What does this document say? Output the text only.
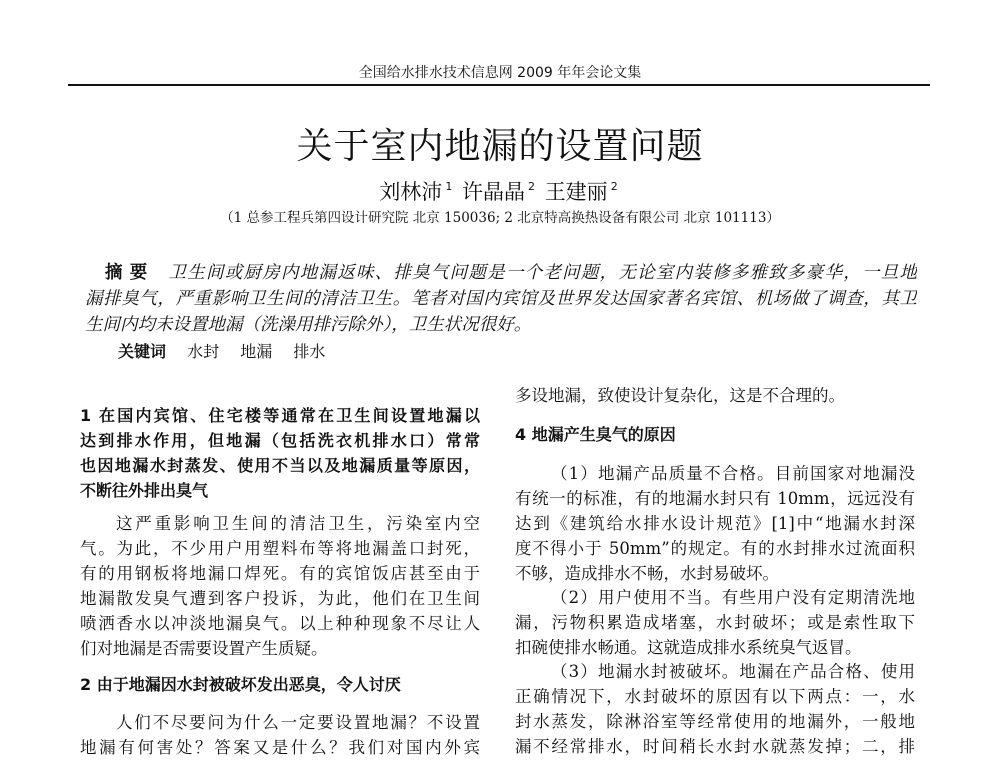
全国给水排水技术信息网 2009 年年会论文集
关于室内地漏的设置问题
刘林沛 $^1$ 许晶晶 $^2$ 王建丽 $^2$
（1 总参工程兵第四设计研究院 北京 150036; 2 北京特高换热设备有限公司 北京 101113）
摘要 卫生间或厨房内地漏返味、排臭气问题是一个老问题，无论室内装修多雅致多豪华，一旦地
漏排臭气，严重影响卫生间的清洁卫生。笔者对国内宾馆及世界发达国家著名宾馆、机场做了调查，其卫
生间内均未设置地漏（洗澡用排污除外），卫生状况很好。
关键词 水封 地漏 排水
1 在国内宾馆、住宅楼等通常在卫生间设置地漏以
达到排水作用，但地漏（包括洗衣机排水口）常常
也因地漏水封蒸发、使用不当以及地漏质量等原因，
不断往外排出臭气
这严重影响卫生间的清洁卫生，污染室内空
气。为此，不少用户用塑料布等将地漏盖口封死，
有的用钢板将地漏口焊死。有的宾馆饭店甚至由于
地漏散发臭气遭到客户投诉，为此，他们在卫生间
喷洒香水以冲淡地漏臭气。以上种种现象不尽让人
们对地漏是否需要设置产生质疑。
2 由于地漏因水封被破坏发出恶臭，令人讨厌
人们不尽要问为什么一定要设置地漏？不设置
地漏有何害处？答案又是什么？我们对国内外宾
多设地漏，致使设计复杂化，这是不合理的。
4 地漏产生臭气的原因
（1）地漏产品质量不合格。目前国家对地漏没
有统一的标准，有的地漏水封只有 10mm，远远没有
达到《建筑给水排水设计规范》[1]中“地漏水封深
度不得小于 50mm”的规定。有的水封排水过流面积
不够，造成排水不畅，水封易破坏。
（2）用户使用不当。有些用户没有定期清洗地
漏，污物积累造成堵塞，水封破坏；或是索性取下
扣碗使排水畅通。这就造成排水系统臭气返冒。
（3）地漏水封被破坏。地漏在产品合格、使用
正确情况下，水封破坏的原因有以下两点：一，水
封水蒸发，除淋浴室等经常使用的地漏外，一般地
漏不经常排水，时间稍长水封水就蒸发掉；二，排
